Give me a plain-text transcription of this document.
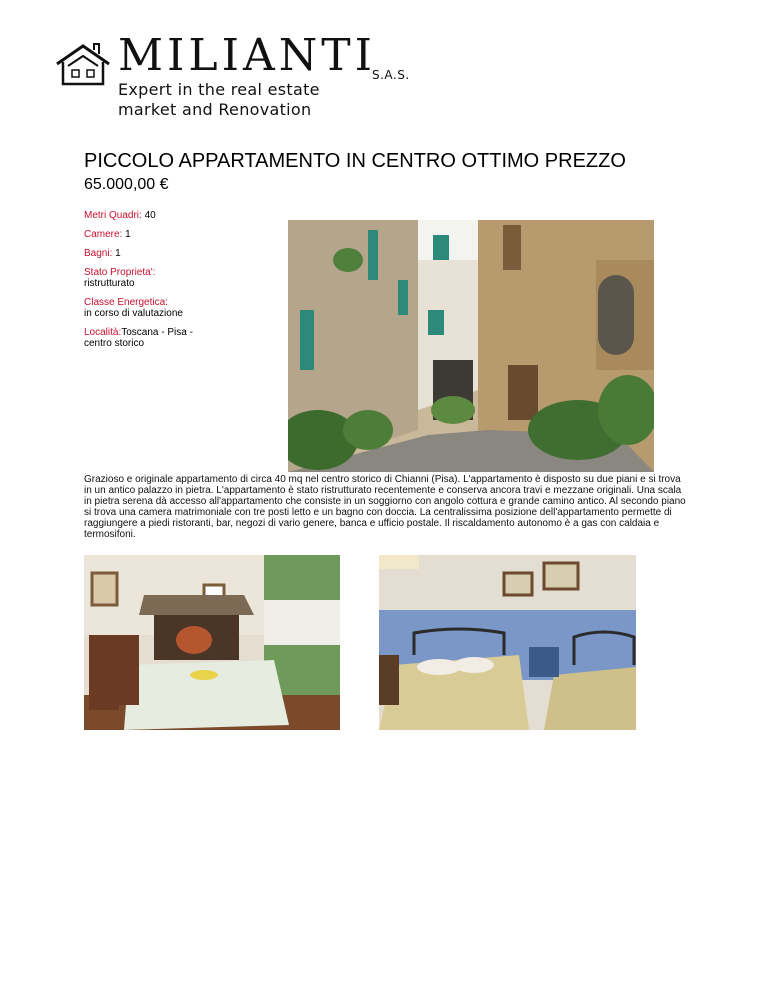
MILIANTI
S.A.S.
Expert in the real estate
market and Renovation
PICCOLO APPARTAMENTO IN CENTRO OTTIMO PREZZO
65.000,00 €
Metri Quadri: 40
Camere: 1
Bagni: 1
Stato Proprieta':
ristrutturato
Classe Energetica:
in corso di valutazione
Località:Toscana - Pisa - centro storico
Grazioso e originale appartamento di circa 40 mq nel centro storico di Chianni (Pisa). L'appartamento è disposto su due piani e si trova in un antico palazzo in pietra. L'appartamento è stato ristrutturato recentemente e conserva ancora travi e mezzane originali. Una scala in pietra serena dà accesso all'appartamento che consiste in un soggiorno con angolo cottura e grande camino antico. Al secondo piano si trova una camera matrimoniale con tre posti letto e un bagno con doccia. La centralissima posizione dell'appartamento permette di raggiungere a piedi ristoranti, bar, negozi di vario genere, banca e ufficio postale. Il riscaldamento autonomo è a gas con caldaia e termosifoni.
